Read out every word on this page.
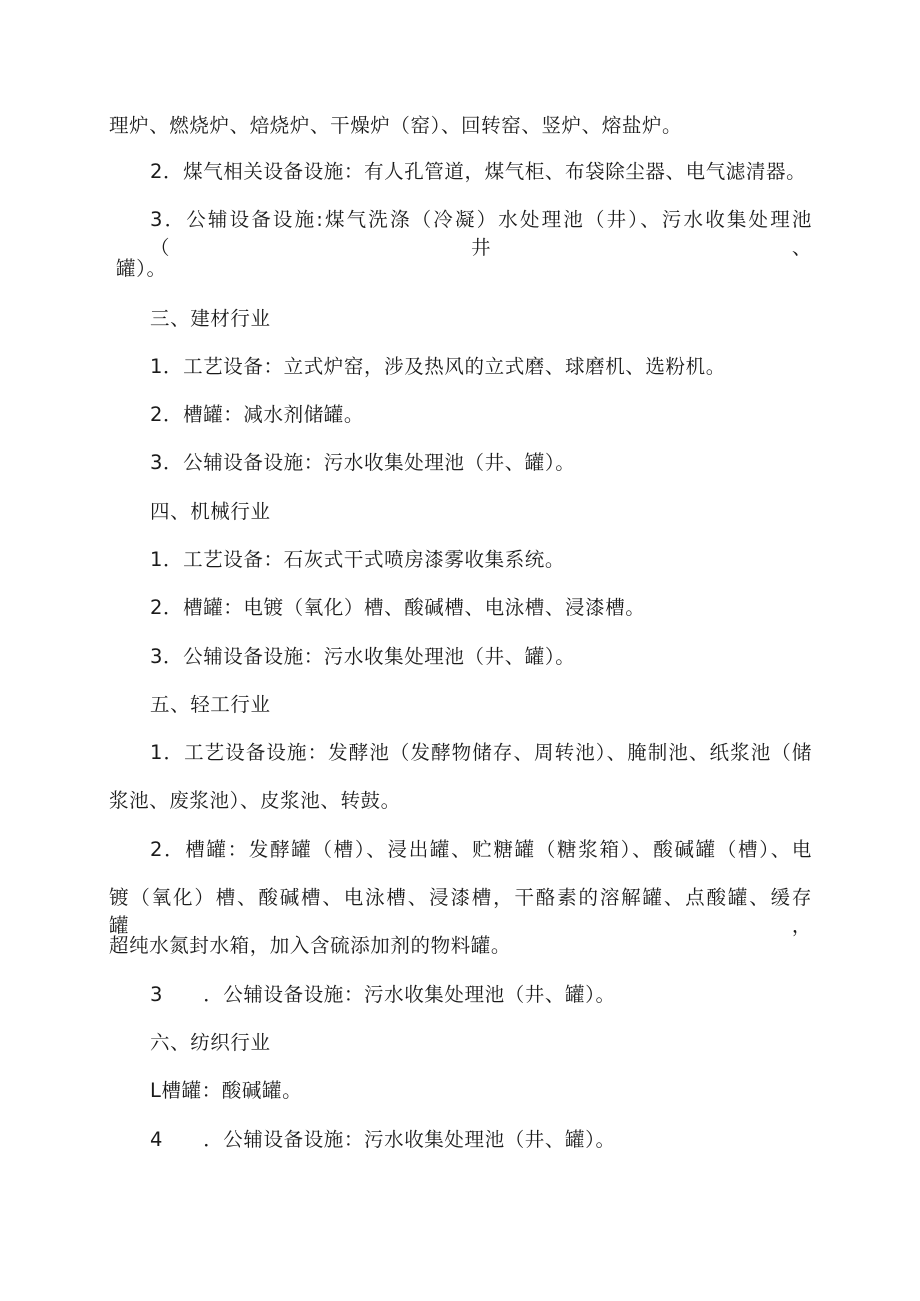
理炉、燃烧炉、焙烧炉、干燥炉（窑）、回转窑、竖炉、熔盐炉。
2．煤气相关设备设施：有人孔管道，煤气柜、布袋除尘器、电气滤清器。
3．公辅设备设施:煤气洗涤（冷凝）水处理池（井）、污水收集处理池（井、
罐）。
三、建材行业
1．工艺设备：立式炉窑，涉及热风的立式磨、球磨机、选粉机。
2．槽罐：减水剂储罐。
3．公辅设备设施：污水收集处理池（井、罐）。
四、机械行业
1．工艺设备：石灰式干式喷房漆雾收集系统。
2．槽罐：电镀（氧化）槽、酸碱槽、电泳槽、浸漆槽。
3．公辅设备设施：污水收集处理池（井、罐）。
五、轻工行业
1．工艺设备设施：发酵池（发酵物储存、周转池）、腌制池、纸浆池（储
浆池、废浆池）、皮浆池、转鼓。
2．槽罐：发酵罐（槽）、浸出罐、贮糖罐（糖浆箱）、酸碱罐（槽）、电
镀（氧化）槽、酸碱槽、电泳槽、浸漆槽，干酪素的溶解罐、点酸罐、缓存罐，
超纯水氮封水箱，加入含硫添加剂的物料罐。
3　　．公辅设备设施：污水收集处理池（井、罐）。
六、纺织行业
L槽罐：酸碱罐。
4　　．公辅设备设施：污水收集处理池（井、罐）。
